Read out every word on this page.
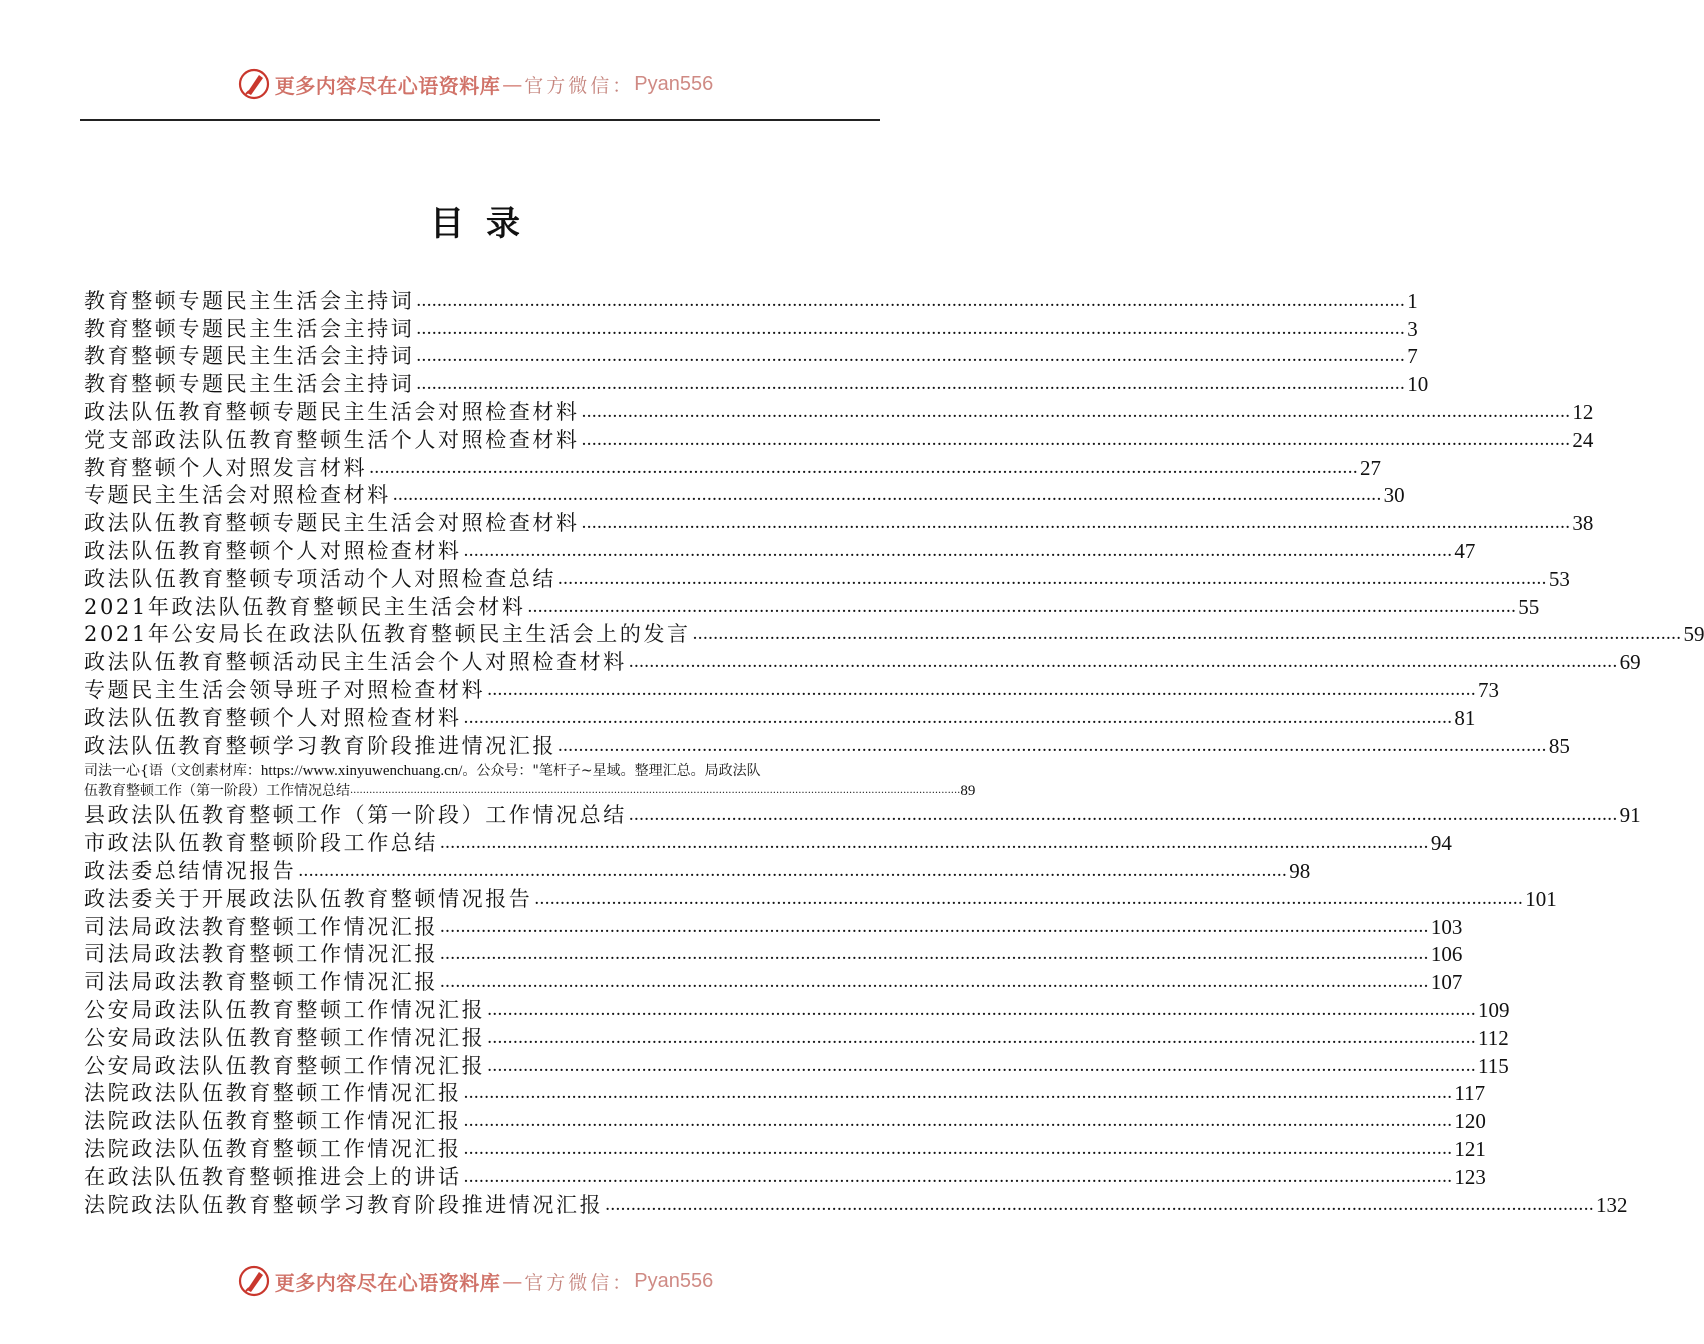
更多内容尽在心语资料库 — 官方微信： Pyan556
目录
教育整顿专题民主生活会主持词 ................................................................................................................................................................................................ 1
教育整顿专题民主生活会主持词 ................................................................................................................................................................................................ 3
教育整顿专题民主生活会主持词 ................................................................................................................................................................................................ 7
教育整顿专题民主生活会主持词 ................................................................................................................................................................................................ 10
政法队伍教育整顿专题民主生活会对照检查材料 ................................................................................................................................................................................................ 12
党支部政法队伍教育整顿生活个人对照检查材料 ................................................................................................................................................................................................ 24
教育整顿个人对照发言材料 ................................................................................................................................................................................................ 27
专题民主生活会对照检查材料 ................................................................................................................................................................................................ 30
政法队伍教育整顿专题民主生活会对照检查材料 ................................................................................................................................................................................................ 38
政法队伍教育整顿个人对照检查材料 ................................................................................................................................................................................................ 47
政法队伍教育整顿专项活动个人对照检查总结 ................................................................................................................................................................................................ 53
2021年政法队伍教育整顿民主生活会材料 ................................................................................................................................................................................................ 55
2021年公安局长在政法队伍教育整顿民主生活会上的发言 ................................................................................................................................................................................................ 59
政法队伍教育整顿活动民主生活会个人对照检查材料 ................................................................................................................................................................................................ 69
专题民主生活会领导班子对照检查材料 ................................................................................................................................................................................................ 73
政法队伍教育整顿个人对照检查材料 ................................................................................................................................................................................................ 81
政法队伍教育整顿学习教育阶段推进情况汇报 ................................................................................................................................................................................................ 85
司法一心{语（文创素材库：https://www.xinyuwenchuang.cn/。公众号："笔杆子~星域。整理汇总。局政法队
伍教育整顿工作（第一阶段）工作情况总结 ................................................................................................................................................................................................ 89
县政法队伍教育整顿工作（第一阶段）工作情况总结 ................................................................................................................................................................................................ 91
市政法队伍教育整顿阶段工作总结 ................................................................................................................................................................................................ 94
政法委总结情况报告 ................................................................................................................................................................................................ 98
政法委关于开展政法队伍教育整顿情况报告 ................................................................................................................................................................................................ 101
司法局政法教育整顿工作情况汇报 ................................................................................................................................................................................................ 103
司法局政法教育整顿工作情况汇报 ................................................................................................................................................................................................ 106
司法局政法教育整顿工作情况汇报 ................................................................................................................................................................................................ 107
公安局政法队伍教育整顿工作情况汇报 ................................................................................................................................................................................................ 109
公安局政法队伍教育整顿工作情况汇报 ................................................................................................................................................................................................ 112
公安局政法队伍教育整顿工作情况汇报 ................................................................................................................................................................................................ 115
法院政法队伍教育整顿工作情况汇报 ................................................................................................................................................................................................ 117
法院政法队伍教育整顿工作情况汇报 ................................................................................................................................................................................................ 120
法院政法队伍教育整顿工作情况汇报 ................................................................................................................................................................................................ 121
在政法队伍教育整顿推进会上的讲话 ................................................................................................................................................................................................ 123
法院政法队伍教育整顿学习教育阶段推进情况汇报 ................................................................................................................................................................................................ 132
更多内容尽在心语资料库 — 官方微信： Pyan556
